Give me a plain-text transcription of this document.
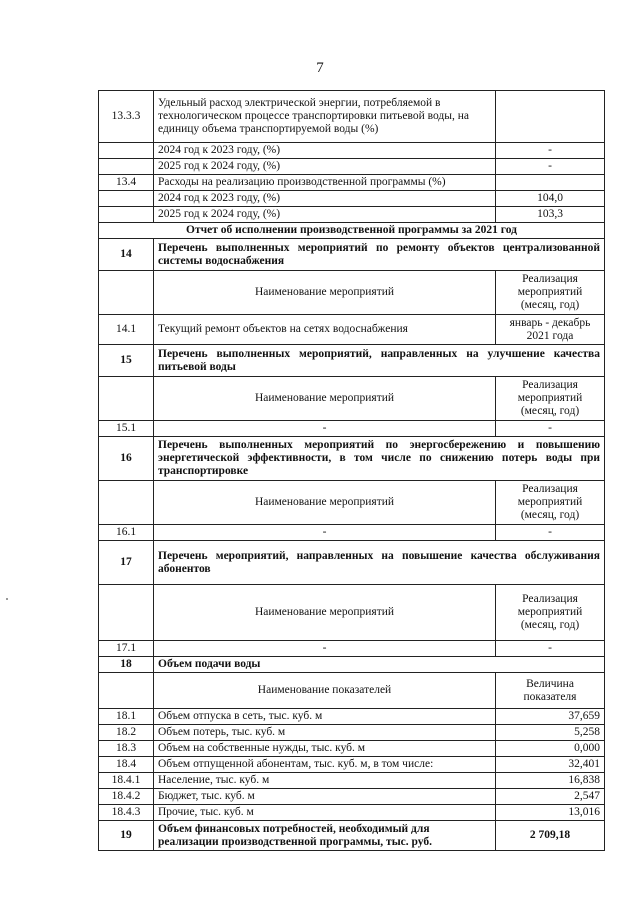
7
13.3.3	Удельный расход электрической энергии, потребляемой в технологическом процессе транспортировки питьевой воды, на единицу объема транспортируемой воды (%)	
	2024 год к 2023 году, (%)	-
	2025 год к 2024 году, (%)	-
13.4	Расходы на реализацию производственной программы (%)	
	2024 год к 2023 году, (%)	104,0
	2025 год к 2024 году, (%)	103,3
Отчет об исполнении производственной программы за 2021 год		
14	Перечень выполненных мероприятий по ремонту объектов централизованной системы водоснабжения	
	Наименование мероприятий	Реализация мероприятий (месяц, год)
14.1	Текущий ремонт объектов на сетях водоснабжения	январь - декабрь 2021 года
15	Перечень выполненных мероприятий, направленных на улучшение качества питьевой воды	
	Наименование мероприятий	Реализация мероприятий (месяц, год)
15.1	-	-
16	Перечень выполненных мероприятий по энергосбережению и повышению энергетической эффективности, в том числе по снижению потерь воды при транспортировке	
	Наименование мероприятий	Реализация мероприятий (месяц, год)
16.1	-	-
17	Перечень мероприятий, направленных на повышение качества обслуживания абонентов	
	Наименование мероприятий	Реализация мероприятий (месяц, год)
17.1	-	-
18	Объем подачи воды	
	Наименование показателей	Величина показателя
18.1	Объем отпуска в сеть, тыс. куб. м	37,659
18.2	Объем потерь, тыс. куб. м	5,258
18.3	Объем на собственные нужды, тыс. куб. м	0,000
18.4	Объем отпущенной абонентам, тыс. куб. м, в том числе:	32,401
18.4.1	Население, тыс. куб. м	16,838
18.4.2	Бюджет, тыс. куб. м	2,547
18.4.3	Прочие, тыс. куб. м	13,016
19	Объем финансовых потребностей, необходимый для реализации производственной программы, тыс. руб.	2 709,18
